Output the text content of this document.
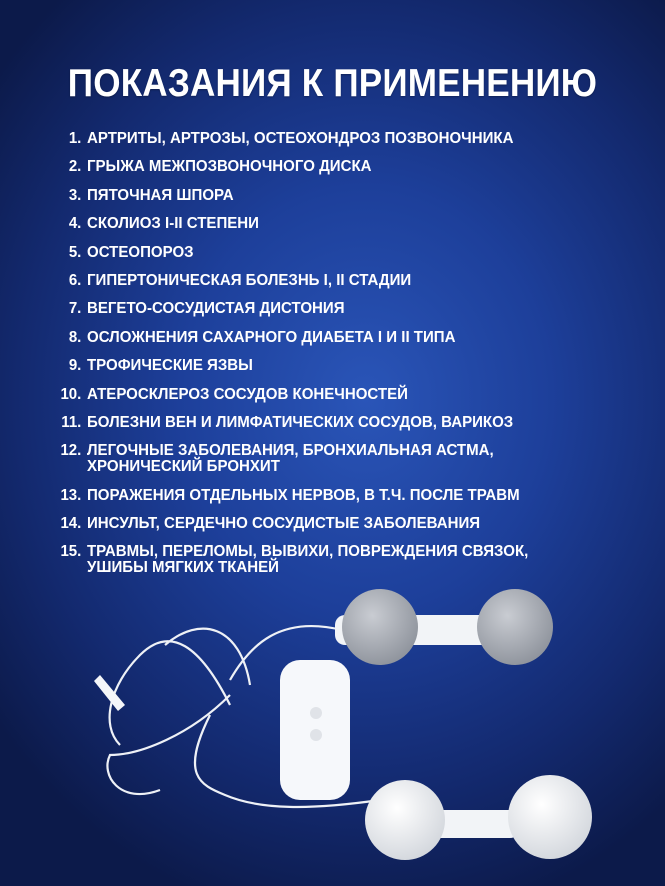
ПОКАЗАНИЯ К ПРИМЕНЕНИЮ
1. АРТРИТЫ, АРТРОЗЫ, ОСТЕОХОНДРОЗ ПОЗВОНОЧНИКА
2. ГРЫЖА МЕЖПОЗВОНОЧНОГО ДИСКА
3. ПЯТОЧНАЯ ШПОРА
4. СКОЛИОЗ I-II СТЕПЕНИ
5. ОСТЕОПОРОЗ
6. ГИПЕРТОНИЧЕСКАЯ БОЛЕЗНЬ I, II СТАДИИ
7. ВЕГЕТО-СОСУДИСТАЯ ДИСТОНИЯ
8. ОСЛОЖНЕНИЯ САХАРНОГО ДИАБЕТА I И II ТИПА
9. ТРОФИЧЕСКИЕ ЯЗВЫ
10. АТЕРОСКЛЕРОЗ СОСУДОВ КОНЕЧНОСТЕЙ
11. БОЛЕЗНИ ВЕН И ЛИМФАТИЧЕСКИХ СОСУДОВ, ВАРИКОЗ
12. ЛЕГОЧНЫЕ ЗАБОЛЕВАНИЯ, БРОНХИАЛЬНАЯ АСТМА, ХРОНИЧЕСКИЙ БРОНХИТ
13. ПОРАЖЕНИЯ ОТДЕЛЬНЫХ НЕРВОВ, В Т.Ч. ПОСЛЕ ТРАВМ
14. ИНСУЛЬТ, СЕРДЕЧНО СОСУДИСТЫЕ ЗАБОЛЕВАНИЯ
15. ТРАВМЫ, ПЕРЕЛОМЫ, ВЫВИХИ, ПОВРЕЖДЕНИЯ СВЯЗОК, УШИБЫ МЯГКИХ ТКАНЕЙ
